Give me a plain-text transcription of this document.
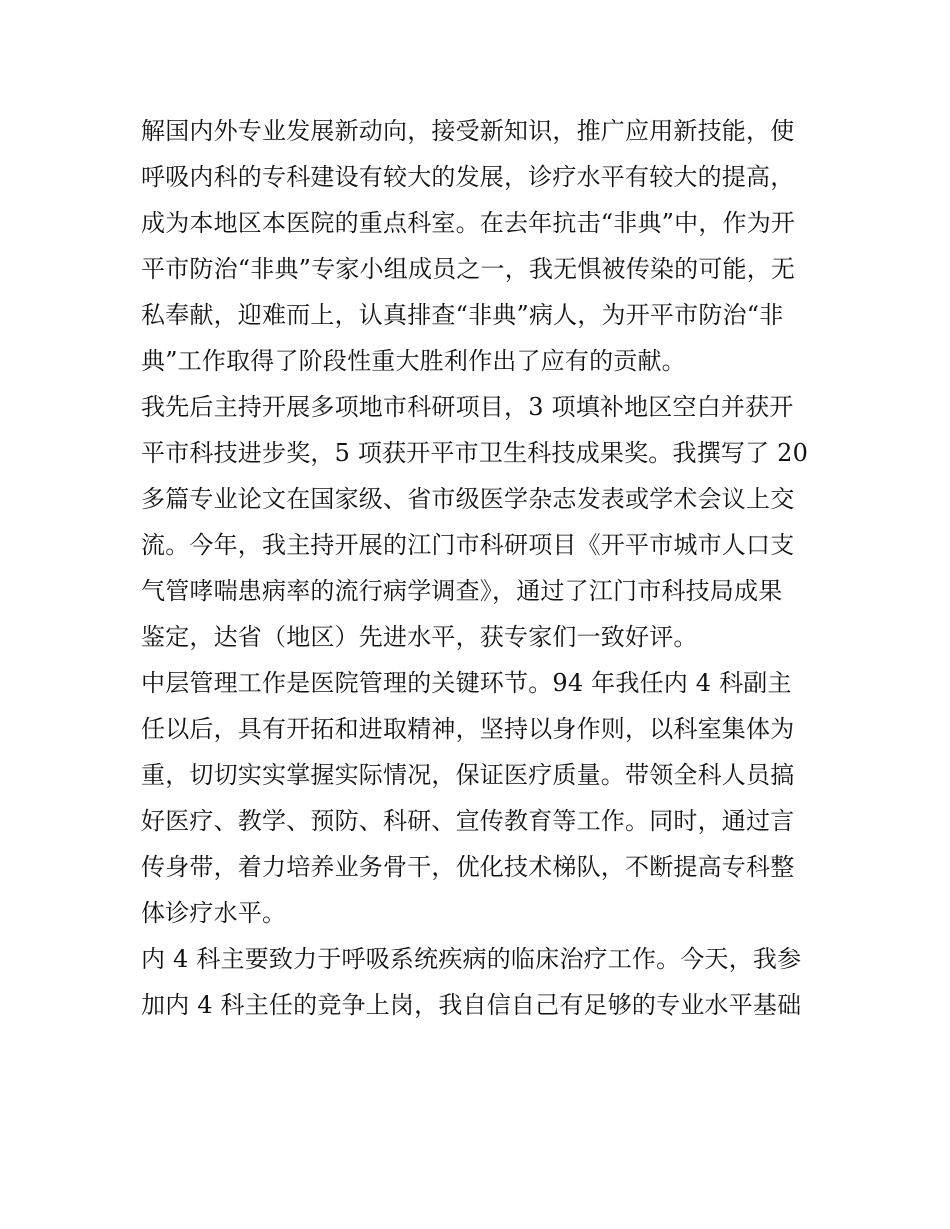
解国内外专业发展新动向，接受新知识，推广应用新技能，使
呼吸内科的专科建设有较大的发展，诊疗水平有较大的提高，
成为本地区本医院的重点科室。在去年抗击“非典”中，作为开
平市防治“非典”专家小组成员之一，我无惧被传染的可能，无
私奉献，迎难而上，认真排查“非典”病人，为开平市防治“非
典”工作取得了阶段性重大胜利作出了应有的贡献。
我先后主持开展多项地市科研项目，3 项填补地区空白并获开
平市科技进步奖，5 项获开平市卫生科技成果奖。我撰写了 20
多篇专业论文在国家级、省市级医学杂志发表或学术会议上交
流。今年，我主持开展的江门市科研项目《开平市城市人口支
气管哮喘患病率的流行病学调查》，通过了江门市科技局成果
鉴定，达省（地区）先进水平，获专家们一致好评。
中层管理工作是医院管理的关键环节。94 年我任内 4 科副主
任以后，具有开拓和进取精神，坚持以身作则，以科室集体为
重，切切实实掌握实际情况，保证医疗质量。带领全科人员搞
好医疗、教学、预防、科研、宣传教育等工作。同时，通过言
传身带，着力培养业务骨干，优化技术梯队，不断提高专科整
体诊疗水平。
内 4 科主要致力于呼吸系统疾病的临床治疗工作。今天，我参
加内 4 科主任的竞争上岗，我自信自己有足够的专业水平基础
